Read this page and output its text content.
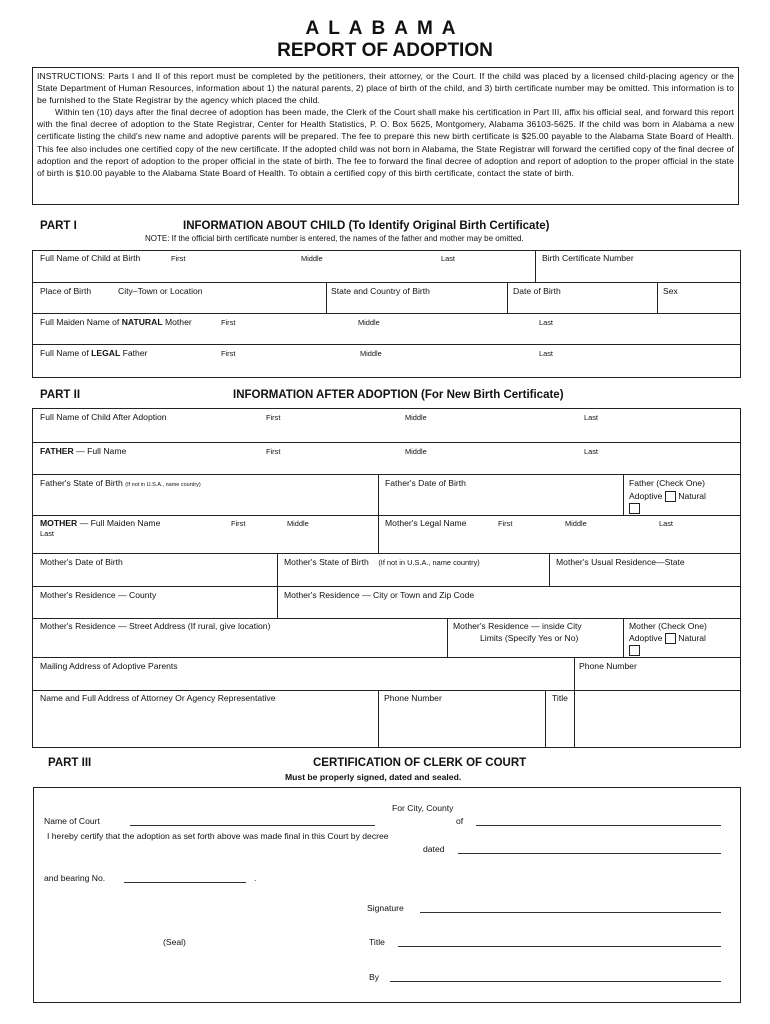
ALABAMA
REPORT OF ADOPTION

INSTRUCTIONS: Parts I and II of this report must be completed by the petitioners, their attorney, or the Court. If the child was placed by a licensed child-placing agency or the State Department of Human Resources, information about 1) the natural parents, 2) place of birth of the child, and 3) birth certificate number may be omitted. This information is to be furnished to the State Registrar by the agency which placed the child.

Within ten (10) days after the final decree of adoption has been made, the Clerk of the Court shall make his certification in Part III, affix his official seal, and forward this report with the final decree of adoption to the State Registrar, Center for Health Statistics, P. O. Box 5625, Montgomery, Alabama 36103-5625. If the child was born in Alabama a new certificate listing the child's new name and adoptive parents will be prepared. The fee to prepare this new birth certificate is $25.00 payable to the Alabama State Board of Health. This fee also includes one certified copy of the new certificate. If the adopted child was not born in Alabama, the State Registrar will forward the certified copy of the final decree of adoption and the report of adoption to the proper official in the state of birth. The fee to forward the final decree of adoption and report of adoption to the proper official in the state of birth is $10.00 payable to the Alabama State Board of Health. To obtain a certified copy of this birth certificate, contact the state of birth.

PART I	INFORMATION ABOUT CHILD (To Identify Original Birth Certificate)
NOTE: If the official birth certificate number is entered, the names of the father and mother may be omitted.
Full Name of Child at Birth	First	Middle	Last	Birth Certificate Number
Place of Birth	City–Town or Location	State and Country of Birth	Date of Birth	Sex
Full Maiden Name of NATURAL Mother	First	Middle	Last
Full Name of LEGAL Father	First	Middle	Last
PART II	INFORMATION AFTER ADOPTION (For New Birth Certificate)
Full Name of Child After Adoption	First	Middle	Last
FATHER — Full Name	First	Middle	Last
Father's State of Birth (If not in U.S.A., name country)	Father's Date of Birth	Father (Check One)
Adoptive Natural
MOTHER — Full Maiden Name	First	Middle
Last
Mother's Legal Name	First	Middle	Last
Mother's Date of Birth	Mother's State of Birth (If not in U.S.A., name country)	Mother's Usual Residence—State
Mother's Residence — County	Mother's Residence — City or Town and Zip Code
Mother's Residence — Street Address (If rural, give location)	Mother's Residence — inside City
Limits (Specify Yes or No)
Mother (Check One)
Adoptive Natural
Mailing Address of Adoptive Parents	Phone Number
Name and Full Address of Attorney Or Agency Representative	Phone Number	Title
PART III	CERTIFICATION OF CLERK OF COURT
Must be properly signed, dated and sealed.
Name of Court
For City, County
of
I hereby certify that the adoption as set forth above was made final in this Court by decree
dated
and bearing No.	.
Signature
(Seal)	Title
By
